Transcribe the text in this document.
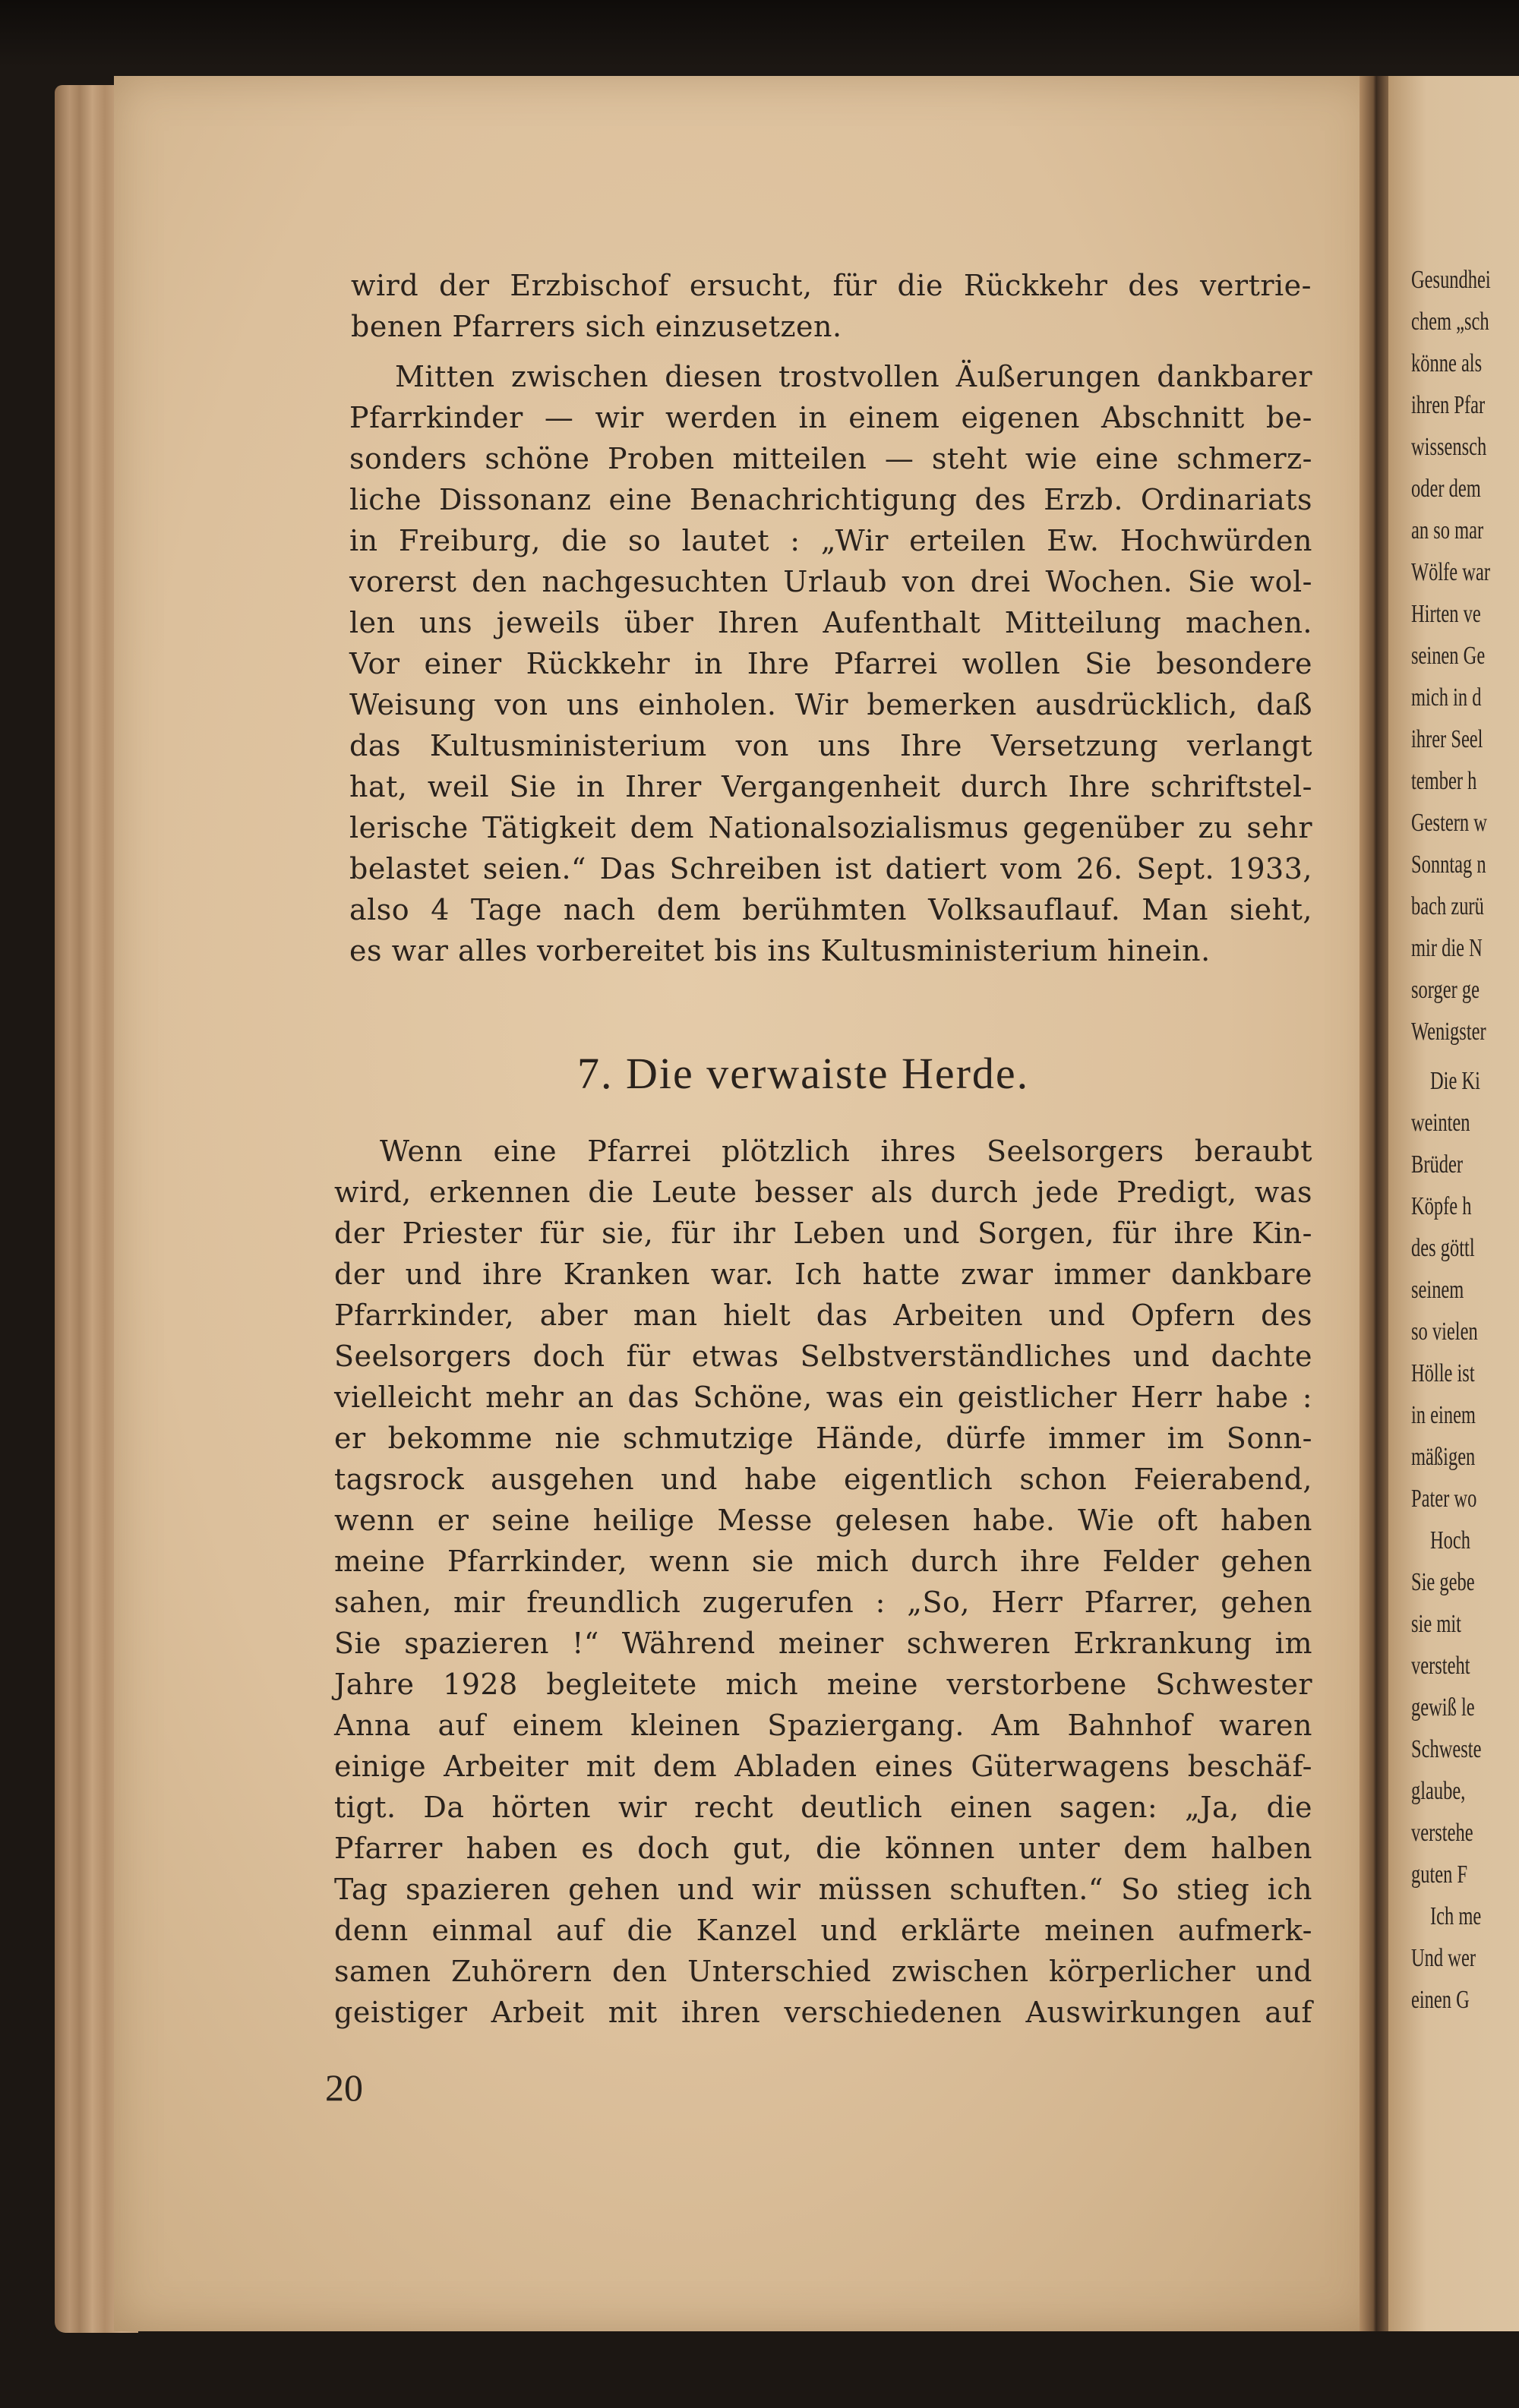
Gesundhei
chem „sch
könne als
ihren Pfar
wissensch
oder dem
an so mar
Wölfe war
Hirten ve
seinen Ge
mich in d
ihrer Seel
tember h
Gestern w
Sonntag n
bach zurü
mir die N
sorger ge
Wenigster
Die Ki
weinten
Brüder
Köpfe h
des göttl
seinem
so vielen
Hölle ist
in einem
mäßigen
Pater wo
Hoch
Sie gebe
sie mit
versteht
gewiß le
Schweste
glaube,
verstehe
guten F
Ich me
Und wer
einen G
wird der Erzbischof ersucht, für die Rückkehr des vertrie-
benen Pfarrers sich einzusetzen.
Mitten zwischen diesen trostvollen Äußerungen dankbarer
Pfarrkinder — wir werden in einem eigenen Abschnitt be-
sonders schöne Proben mitteilen — steht wie eine schmerz-
liche Dissonanz eine Benachrichtigung des Erzb. Ordinariats
in Freiburg, die so lautet : „Wir erteilen Ew. Hochwürden
vorerst den nachgesuchten Urlaub von drei Wochen. Sie wol-
len uns jeweils über Ihren Aufenthalt Mitteilung machen.
Vor einer Rückkehr in Ihre Pfarrei wollen Sie besondere
Weisung von uns einholen. Wir bemerken ausdrücklich, daß
das Kultusministerium von uns Ihre Versetzung verlangt
hat, weil Sie in Ihrer Vergangenheit durch Ihre schriftstel-
lerische Tätigkeit dem Nationalsozialismus gegenüber zu sehr
belastet seien.“ Das Schreiben ist datiert vom 26. Sept. 1933,
also 4 Tage nach dem berühmten Volksauflauf. Man sieht,
es war alles vorbereitet bis ins Kultusministerium hinein.
Wenn eine Pfarrei plötzlich ihres Seelsorgers beraubt
wird, erkennen die Leute besser als durch jede Predigt, was
der Priester für sie, für ihr Leben und Sorgen, für ihre Kin-
der und ihre Kranken war. Ich hatte zwar immer dankbare
Pfarrkinder, aber man hielt das Arbeiten und Opfern des
Seelsorgers doch für etwas Selbstverständliches und dachte
vielleicht mehr an das Schöne, was ein geistlicher Herr habe :
er bekomme nie schmutzige Hände, dürfe immer im Sonn-
tagsrock ausgehen und habe eigentlich schon Feierabend,
wenn er seine heilige Messe gelesen habe. Wie oft haben
meine Pfarrkinder, wenn sie mich durch ihre Felder gehen
sahen, mir freundlich zugerufen : „So, Herr Pfarrer, gehen
Sie spazieren !“ Während meiner schweren Erkrankung im
Jahre 1928 begleitete mich meine verstorbene Schwester
Anna auf einem kleinen Spaziergang. Am Bahnhof waren
einige Arbeiter mit dem Abladen eines Güterwagens beschäf-
tigt. Da hörten wir recht deutlich einen sagen: „Ja, die
Pfarrer haben es doch gut, die können unter dem halben
Tag spazieren gehen und wir müssen schuften.“ So stieg ich
denn einmal auf die Kanzel und erklärte meinen aufmerk-
samen Zuhörern den Unterschied zwischen körperlicher und
geistiger Arbeit mit ihren verschiedenen Auswirkungen auf
7. Die verwaiste Herde.
20
